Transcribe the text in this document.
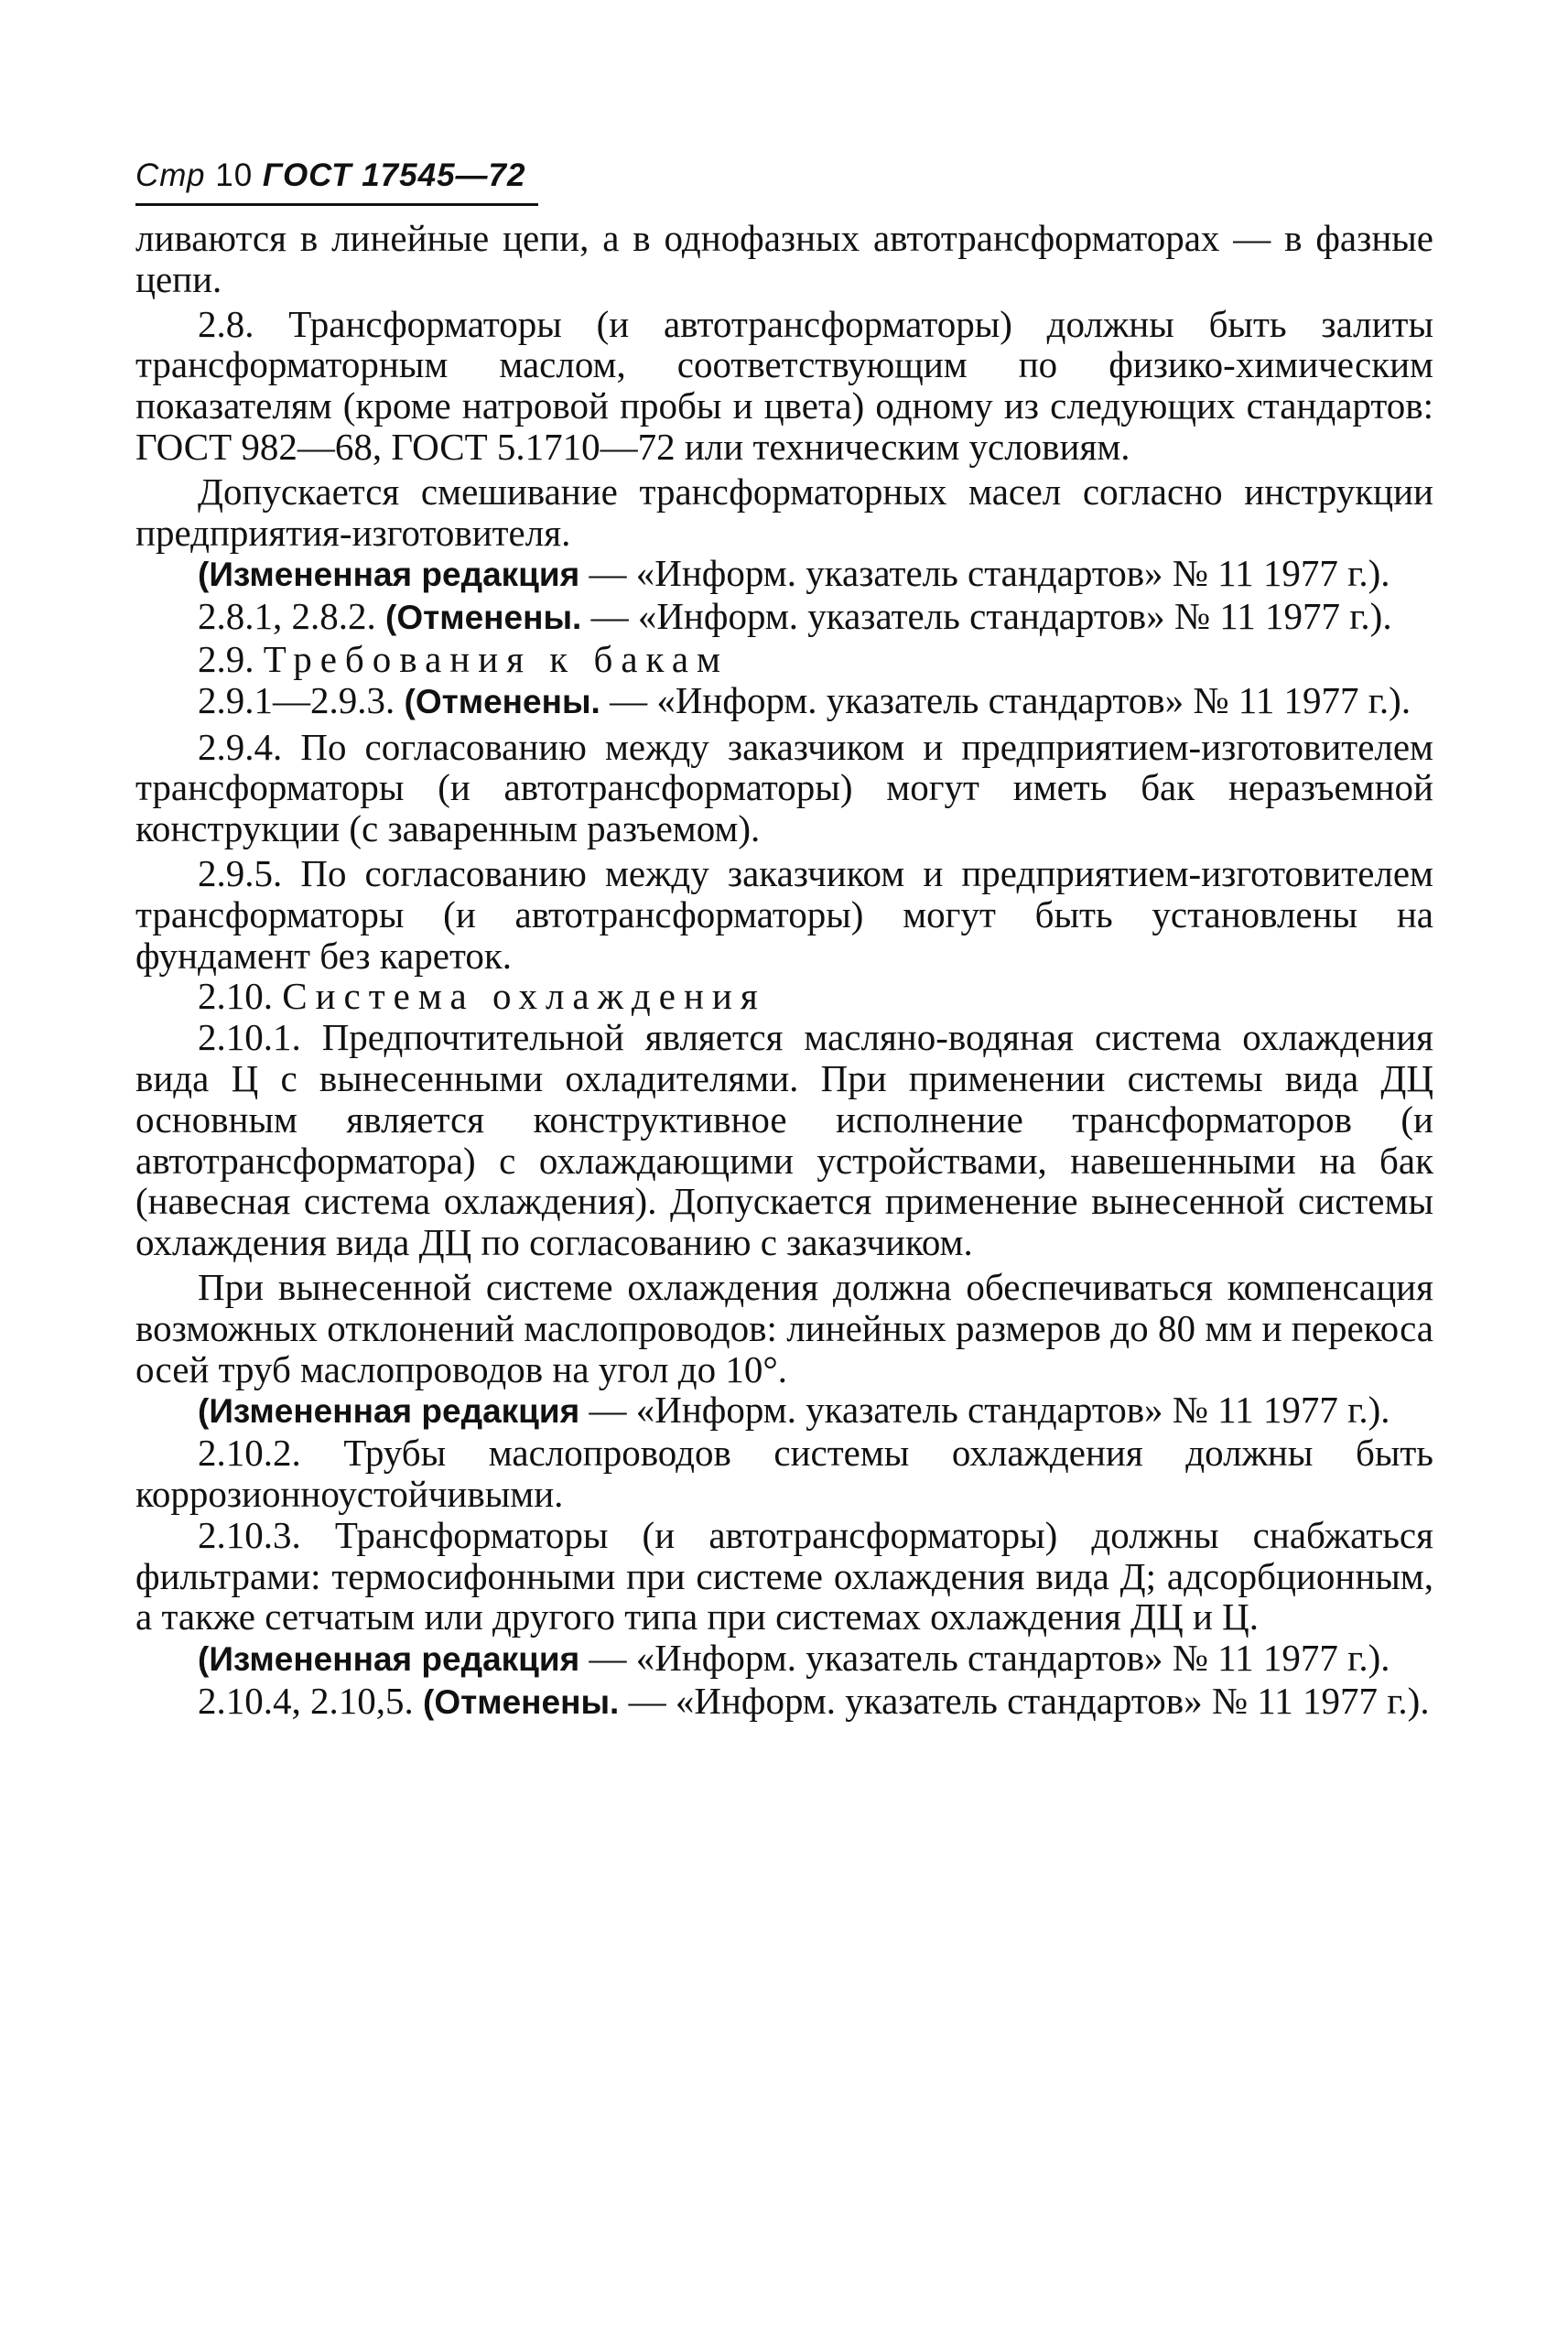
Стр 10 ГОСТ 17545—72

ливаются в линейные цепи, а в однофазных автотрансформаторах — в фазные цепи.

2.8. Трансформаторы (и автотрансформаторы) должны быть залиты трансформаторным маслом, соответствующим по физико-химическим показателям (кроме натровой пробы и цвета) одному из следующих стандартов: ГОСТ 982—68, ГОСТ 5.1710—72 или техническим условиям.

Допускается смешивание трансформаторных масел согласно инструкции предприятия-изготовителя.

(Измененная редакция — «Информ. указатель стандартов» № 11 1977 г.).

2.8.1, 2.8.2. (Отменены. — «Информ. указатель стандартов» № 11 1977 г.).

2.9. Требования к бакам

2.9.1—2.9.3. (Отменены. — «Информ. указатель стандартов» № 11 1977 г.).

2.9.4. По согласованию между заказчиком и предприятием-изготовителем трансформаторы (и автотрансформаторы) могут иметь бак неразъемной конструкции (с заваренным разъемом).

2.9.5. По согласованию между заказчиком и предприятием-изготовителем трансформаторы (и автотрансформаторы) могут быть установлены на фундамент без кареток.

2.10. Система охлаждения

2.10.1. Предпочтительной является масляно-водяная система охлаждения вида Ц с вынесенными охладителями. При применении системы вида ДЦ основным является конструктивное исполнение трансформаторов (и автотрансформатора) с охлаждающими устройствами, навешенными на бак (навесная система охлаждения). Допускается применение вынесенной системы охлаждения вида ДЦ по согласованию с заказчиком.

При вынесенной системе охлаждения должна обеспечиваться компенсация возможных отклонений маслопроводов: линейных размеров до 80 мм и перекоса осей труб маслопроводов на угол до 10°.

(Измененная редакция — «Информ. указатель стандартов» № 11 1977 г.).

2.10.2. Трубы маслопроводов системы охлаждения должны быть коррозионноустойчивыми.

2.10.3. Трансформаторы (и автотрансформаторы) должны снабжаться фильтрами: термосифонными при системе охлаждения вида Д; адсорбционным, а также сетчатым или другого типа при системах охлаждения ДЦ и Ц.

(Измененная редакция — «Информ. указатель стандартов» № 11 1977 г.).

2.10.4, 2.10,5. (Отменены. — «Информ. указатель стандартов» № 11 1977 г.).
